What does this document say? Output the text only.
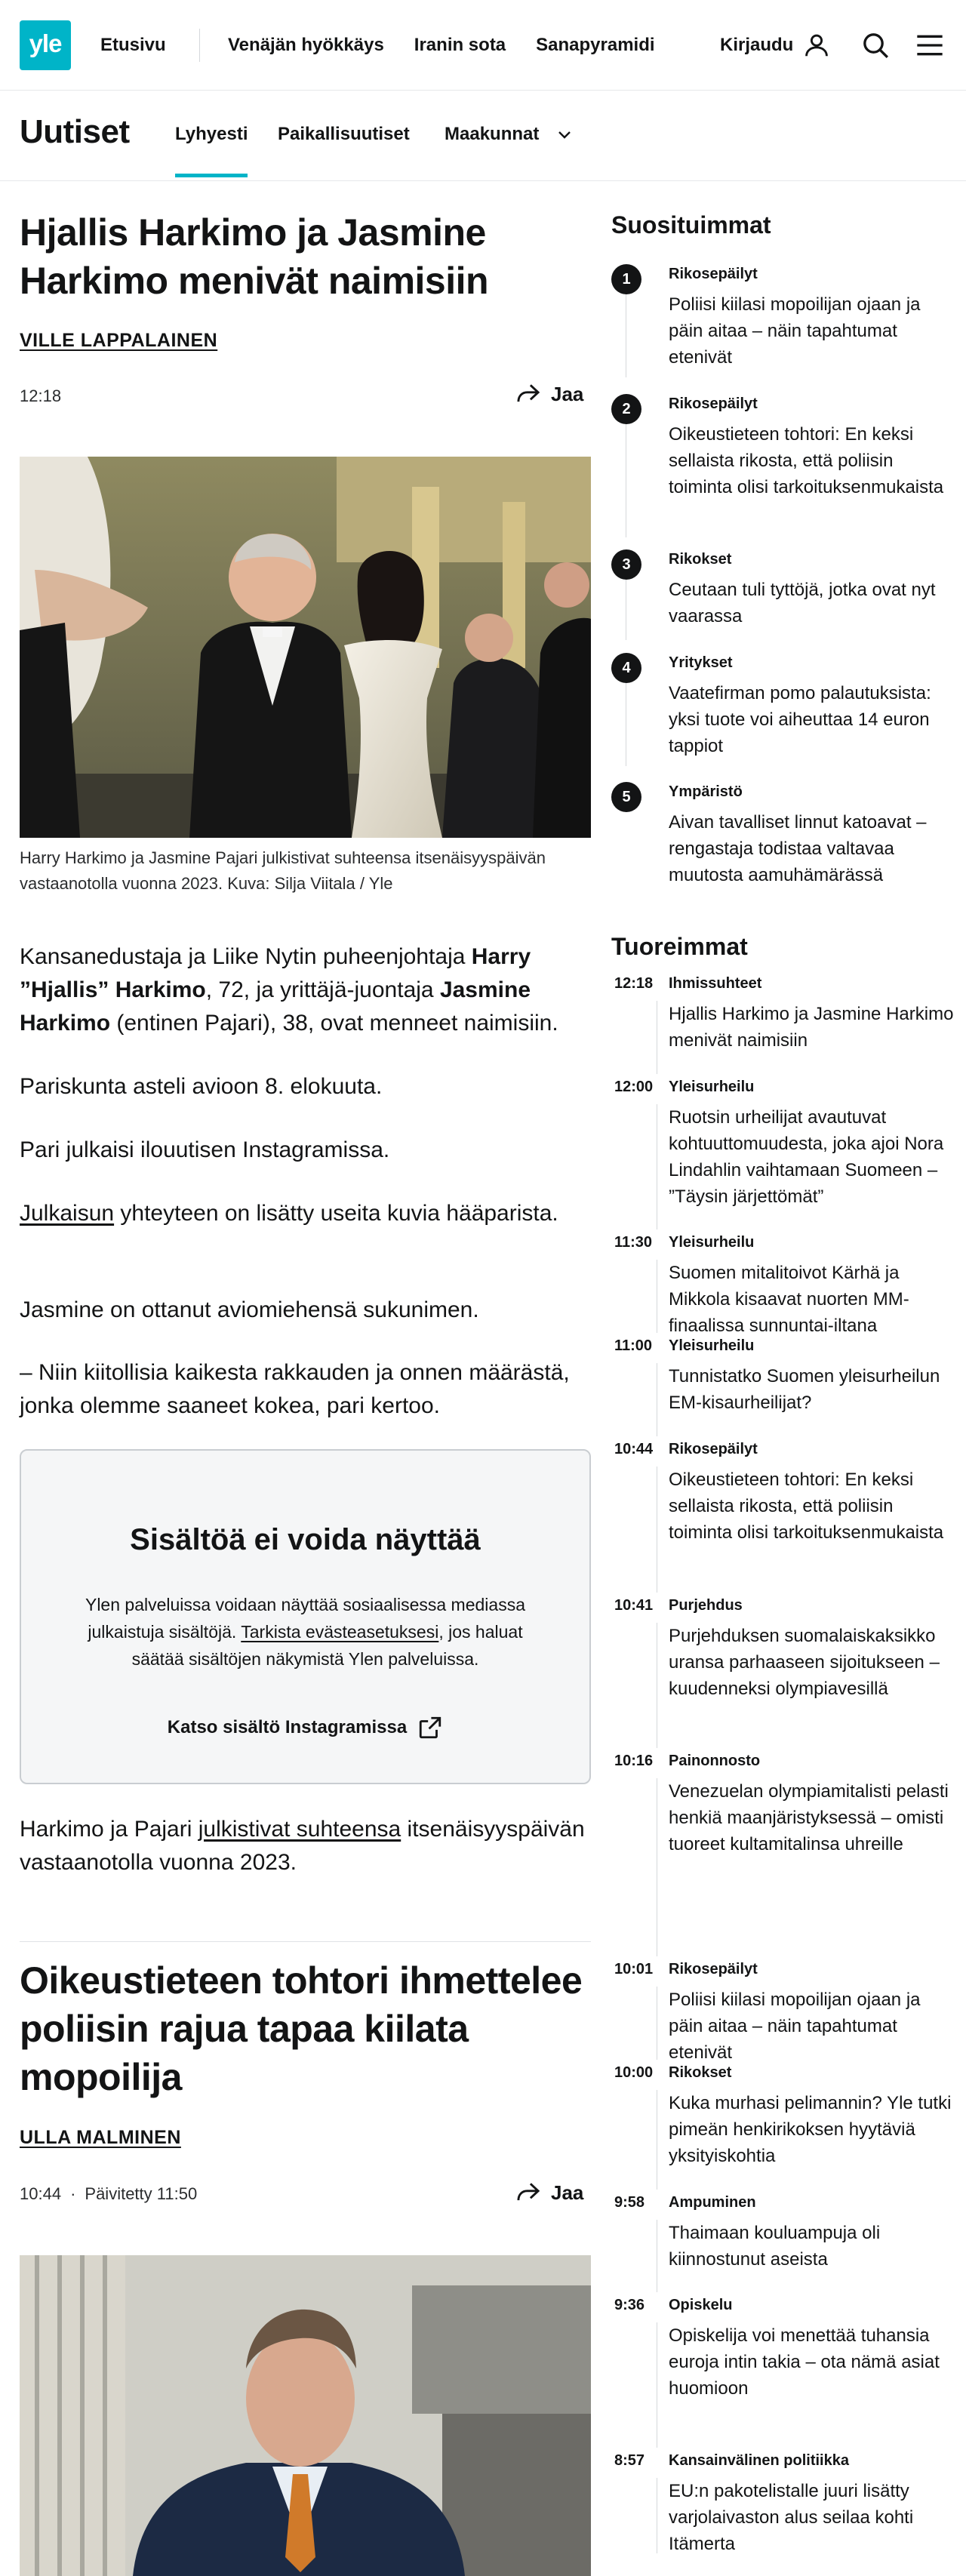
yle	Etusivu	Venäjän hyökkäys Iranin sota Sanapyramidi	Kirjaudu
Uutiset	Lyhyesti Paikallisuutiset Maakunnat
Hjallis Harkimo ja Jasmine Harkimo menivät naimisiin
VILLE LAPPALAINEN
12:18	Jaa
Harry Harkimo ja Jasmine Pajari julkistivat suhteensa itsenäisyyspäivän vastaanotolla vuonna 2023. Kuva: Silja Viitala / Yle

Kansanedustaja ja Liike Nytin puheenjohtaja Harry ”Hjallis” Harkimo, 72, ja yrittäjä-juontaja Jasmine Harkimo (entinen Pajari), 38, ovat menneet naimisiin.

Pariskunta asteli avioon 8. elokuuta.

Pari julkaisi ilouutisen Instagramissa.

Julkaisun yhteyteen on lisätty useita kuvia hääparista.

Jasmine on ottanut aviomiehensä sukunimen.

– Niin kiitollisia kaikesta rakkauden ja onnen määrästä, jonka olemme saaneet kokea, pari kertoo.

Sisältöä ei voida näyttää
Ylen palveluissa voidaan näyttää sosiaalisessa mediassa julkaistuja sisältöjä. Tarkista evästeasetuksesi, jos haluat säätää sisältöjen näkymistä Ylen palveluissa.
Katso sisältö Instagramissa

Harkimo ja Pajari julkistivat suhteensa itsenäisyyspäivän vastaanotolla vuonna 2023.

Oikeustieteen tohtori ihmettelee poliisin rajua tapaa kiilata mopoilija
ULLA MALMINEN
10:44 · Päivitetty 11:50	Jaa
Suosituimmat
1	Rikosepäilyt
Poliisi kiilasi mopoilijan ojaan ja päin aitaa – näin tapahtumat etenivät
2	Rikosepäilyt
Oikeustieteen tohtori: En keksi sellaista rikosta, että poliisin toiminta olisi tarkoituksenmukaista
3	Rikokset
Ceutaan tuli tyttöjä, jotka ovat nyt vaarassa
4	Yritykset
Vaatefirman pomo palautuksista: yksi tuote voi aiheuttaa 14 euron tappiot
5	Ympäristö
Aivan tavalliset linnut katoavat – rengastaja todistaa valtavaa muutosta aamuhämärässä
Tuoreimmat
12:18 Ihmissuhteet
Hjallis Harkimo ja Jasmine Harkimo menivät naimisiin
12:00 Yleisurheilu
Ruotsin urheilijat avautuvat kohtuuttomuudesta, joka ajoi Nora Lindahlin vaihtamaan Suomeen – ”Täysin järjettömät”
11:30 Yleisurheilu
Suomen mitalitoivot Kärhä ja Mikkola kisaavat nuorten MM-finaalissa sunnuntai-iltana
11:00 Yleisurheilu
Tunnistatko Suomen yleisurheilun EM-kisaurheilijat?
10:44 Rikosepäilyt
Oikeustieteen tohtori: En keksi sellaista rikosta, että poliisin toiminta olisi tarkoituksenmukaista
10:41 Purjehdus
Purjehduksen suomalaiskaksikko uransa parhaaseen sijoitukseen – kuudenneksi olympiavesillä
10:16 Painonnosto
Venezuelan olympiamitalisti pelasti henkiä maanjäristyksessä – omisti tuoreet kultamitalinsa uhreille
10:01 Rikosepäilyt
Poliisi kiilasi mopoilijan ojaan ja päin aitaa – näin tapahtumat etenivät
10:00 Rikokset
Kuka murhasi pelimannin? Yle tutki pimeän henkirikoksen hyytäviä yksityiskohtia
9:58 Ampuminen
Thaimaan kouluampuja oli kiinnostunut aseista
9:36 Opiskelu
Opiskelija voi menettää tuhansia euroja intin takia – ota nämä asiat huomioon
8:57 Kansainvälinen politiikka
EU:n pakotelistalle juuri lisätty varjolaivaston alus seilaa kohti Itämerta
